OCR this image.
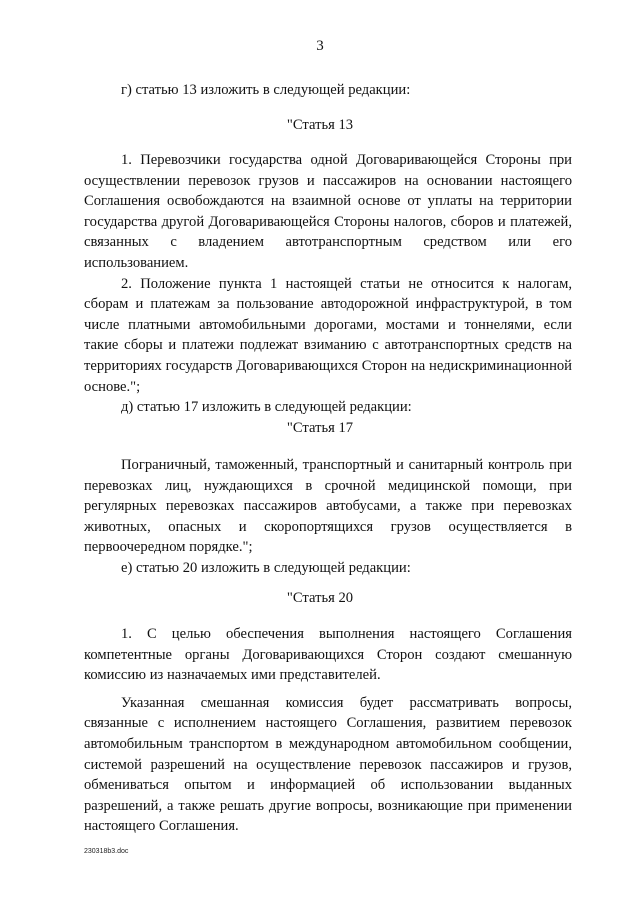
3

г) статью 13 изложить в следующей редакции:

"Статья 13

1. Перевозчики государства одной Договаривающейся Стороны при осуществлении перевозок грузов и пассажиров на основании настоящего Соглашения освобождаются на взаимной основе от уплаты на территории государства другой Договаривающейся Стороны налогов, сборов и платежей, связанных с владением автотранспортным средством или его использованием.

2. Положение пункта 1 настоящей статьи не относится к налогам, сборам и платежам за пользование автодорожной инфраструктурой, в том числе платными автомобильными дорогами, мостами и тоннелями, если такие сборы и платежи подлежат взиманию с автотранспортных средств на территориях государств Договаривающихся Сторон на недискриминационной основе.";

д) статью 17 изложить в следующей редакции:

"Статья 17

Пограничный, таможенный, транспортный и санитарный контроль при перевозках лиц, нуждающихся в срочной медицинской помощи, при регулярных перевозках пассажиров автобусами, а также при перевозках животных, опасных и скоропортящихся грузов осуществляется в первоочередном порядке.";

е) статью 20 изложить в следующей редакции:

"Статья 20

1. С целью обеспечения выполнения настоящего Соглашения компетентные органы Договаривающихся Сторон создают смешанную комиссию из назначаемых ими представителей.

Указанная смешанная комиссия будет рассматривать вопросы, связанные с исполнением настоящего Соглашения, развитием перевозок автомобильным транспортом в международном автомобильном сообщении, системой разрешений на осуществление перевозок пассажиров и грузов, обмениваться опытом и информацией об использовании выданных разрешений, а также решать другие вопросы, возникающие при применении настоящего Соглашения.

230318b3.doc
